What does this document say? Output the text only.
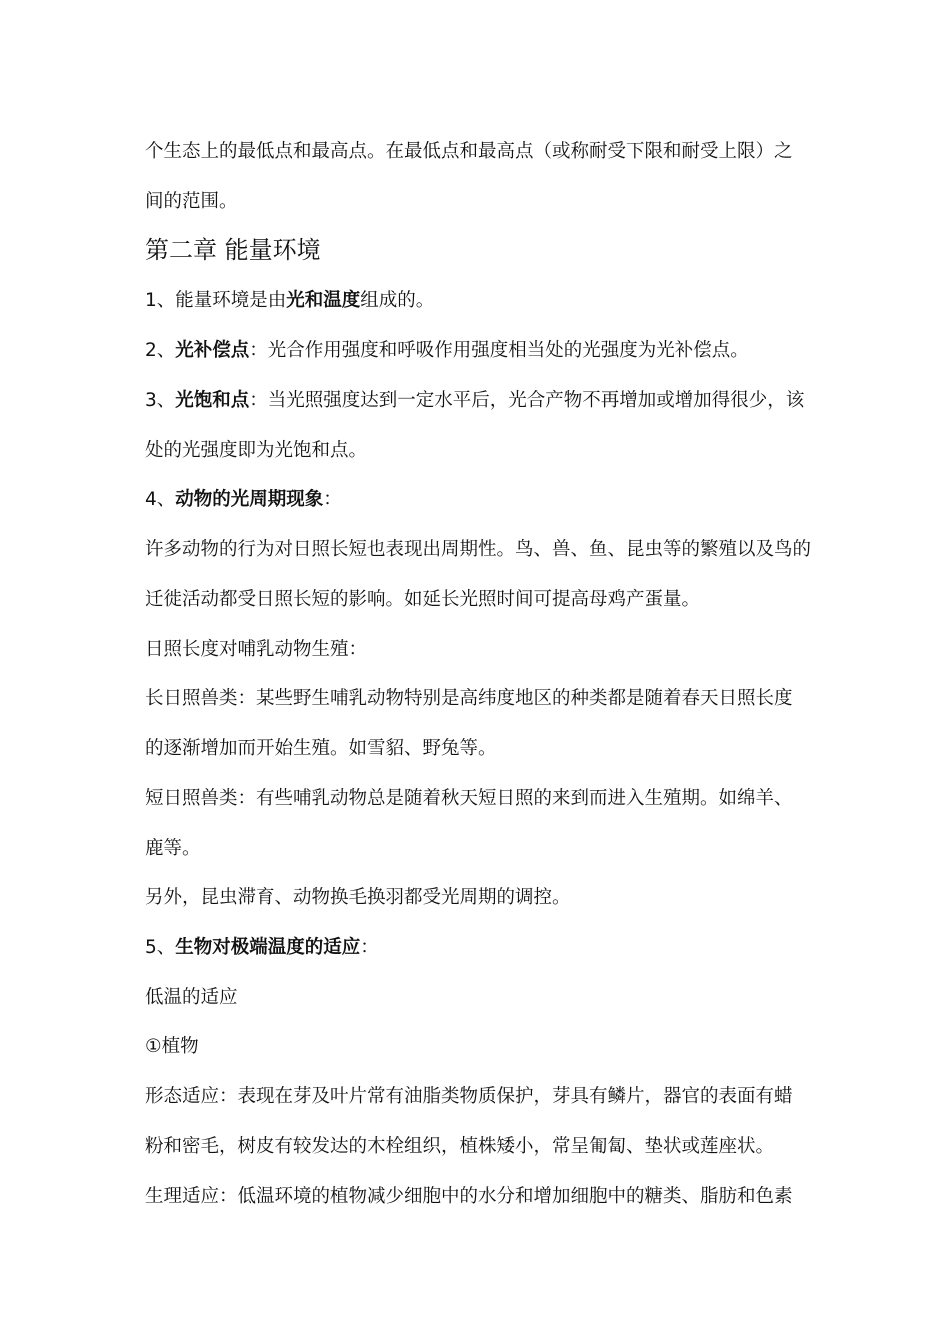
个生态上的最低点和最高点。在最低点和最高点（或称耐受下限和耐受上限）之
间的范围。
第二章 能量环境
1、能量环境是由光和温度组成的。
2、光补偿点：光合作用强度和呼吸作用强度相当处的光强度为光补偿点。
3、光饱和点：当光照强度达到一定水平后，光合产物不再增加或增加得很少，该
处的光强度即为光饱和点。
4、动物的光周期现象：
许多动物的行为对日照长短也表现出周期性。鸟、兽、鱼、昆虫等的繁殖以及鸟的
迁徙活动都受日照长短的影响。如延长光照时间可提高母鸡产蛋量。
日照长度对哺乳动物生殖：
长日照兽类：某些野生哺乳动物特别是高纬度地区的种类都是随着春天日照长度
的逐渐增加而开始生殖。如雪貂、野兔等。
短日照兽类：有些哺乳动物总是随着秋天短日照的来到而进入生殖期。如绵羊、
鹿等。
另外，昆虫滞育、动物换毛换羽都受光周期的调控。
5、生物对极端温度的适应：
低温的适应
①植物
形态适应：表现在芽及叶片常有油脂类物质保护，芽具有鳞片，器官的表面有蜡
粉和密毛，树皮有较发达的木栓组织，植株矮小，常呈匍匐、垫状或莲座状。
生理适应：低温环境的植物减少细胞中的水分和增加细胞中的糖类、脂肪和色素
